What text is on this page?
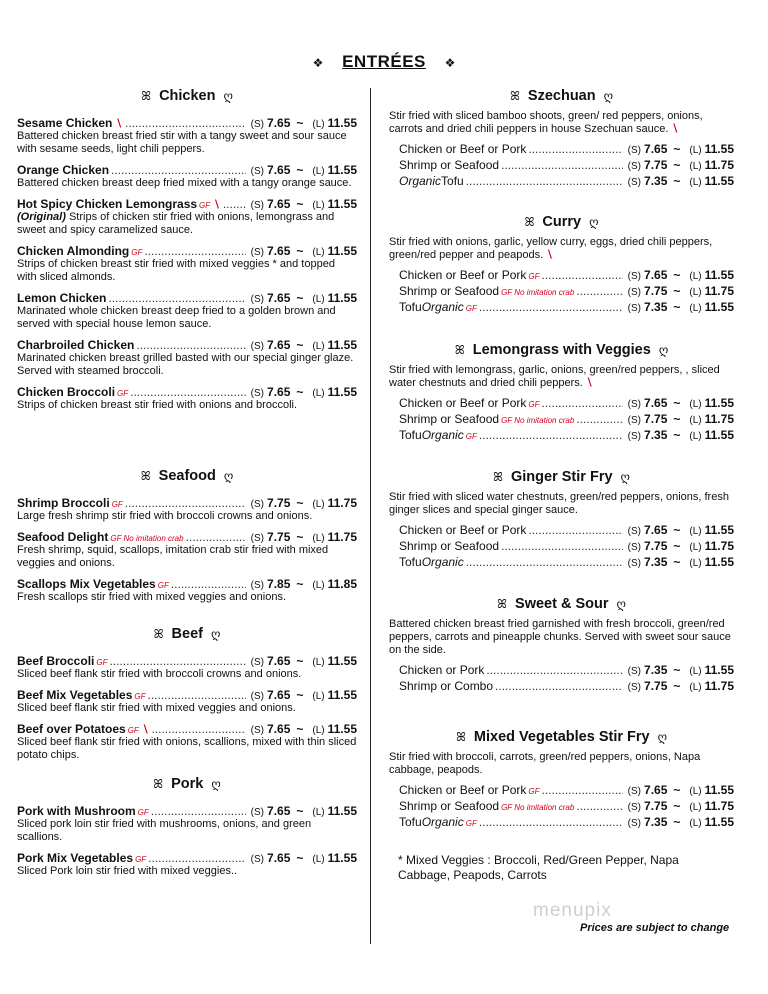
❖ ENTRÉES ❖
ꕤ Chicken ღ
Sesame Chicken ∖ .....	(S) 7.65 ~ (L) 11.55
Battered chicken breast fried stir with a tangy sweet and sour sauce with sesame seeds, light chili peppers.
Orange Chicken .....	(S) 7.65 ~ (L) 11.55
Battered chicken breast deep fried mixed with a tangy orange sauce.
Hot Spicy Chicken Lemongrass GF ∖ .....	(S) 7.65 ~ (L) 11.55
(Original) Strips of chicken stir fried with onions, lemongrass and sweet and spicy caramelized sauce.
Chicken Almonding GF .....	(S) 7.65 ~ (L) 11.55
Strips of chicken breast stir fried with mixed veggies * and topped with sliced almonds.
Lemon Chicken .....	(S) 7.65 ~ (L) 11.55
Marinated whole chicken breast deep fried to a golden brown and served with special house lemon sauce.
Charbroiled Chicken .....	(S) 7.65 ~ (L) 11.55
Marinated chicken breast grilled basted with our special ginger glaze. Served with steamed broccoli.
Chicken Broccoli GF .....	(S) 7.65 ~ (L) 11.55
Strips of chicken breast stir fried with onions and broccoli.
ꕤ Seafood ღ
Shrimp Broccoli GF .....	(S) 7.75 ~ (L) 11.75
Large fresh shrimp stir fried with broccoli crowns and onions.
Seafood Delight GF No imitation crab .....	(S) 7.75 ~ (L) 11.75
Fresh shrimp, squid, scallops, imitation crab stir fried with mixed veggies and onions.
Scallops Mix Vegetables GF .....	(S) 7.85 ~ (L) 11.85
Fresh scallops stir fried with mixed veggies and onions.
ꕤ Beef ღ
Beef Broccoli GF .....	(S) 7.65 ~ (L) 11.55
Sliced beef flank stir fried with broccoli crowns and onions.
Beef Mix Vegetables GF .....	(S) 7.65 ~ (L) 11.55
Sliced beef flank stir fried with mixed veggies and onions.
Beef over Potatoes GF ∖ .....	(S) 7.65 ~ (L) 11.55
Sliced beef flank stir fried with onions, scallions, mixed with thin sliced potato chips.
ꕤ Pork ღ
Pork with Mushroom GF .....	(S) 7.65 ~ (L) 11.55
Sliced pork loin stir fried with mushrooms, onions, and green scallions.
Pork Mix Vegetables GF .....	(S) 7.65 ~ (L) 11.55
Sliced Pork loin stir fried with mixed veggies..
ꕤ Szechuan ღ
Stir fried with sliced bamboo shoots, green/ red peppers, onions, carrots and dried chili peppers in house Szechuan sauce. ∖
Chicken or Beef or Pork .....	(S) 7.65 ~ (L) 11.55
Shrimp or Seafood .....	(S) 7.75 ~ (L) 11.75
Organic Tofu .....	(S) 7.35 ~ (L) 11.55
ꕤ Curry ღ
Stir fried with onions, garlic, yellow curry, eggs, dried chili peppers, green/red pepper and peapods. ∖
Chicken or Beef or Pork GF .....	(S) 7.65 ~ (L) 11.55
Shrimp or Seafood GF No imitation crab .....	(S) 7.75 ~ (L) 11.75
Tofu Organic GF .....	(S) 7.35 ~ (L) 11.55
ꕤ Lemongrass with Veggies ღ
Stir fried with lemongrass, garlic, onions, green/red peppers, , sliced water chestnuts and dried chili peppers. ∖
Chicken or Beef or Pork GF .....	(S) 7.65 ~ (L) 11.55
Shrimp or Seafood GF No imitation crab .....	(S) 7.75 ~ (L) 11.75
Tofu Organic GF .....	(S) 7.35 ~ (L) 11.55
ꕤ Ginger Stir Fry ღ
Stir fried with sliced water chestnuts, green/red peppers, onions, fresh ginger slices and special ginger sauce.
Chicken or Beef or Pork .....	(S) 7.65 ~ (L) 11.55
Shrimp or Seafood .....	(S) 7.75 ~ (L) 11.75
Tofu Organic .....	(S) 7.35 ~ (L) 11.55
ꕤ Sweet & Sour ღ
Battered chicken breast fried garnished with fresh broccoli, green/red peppers, carrots and pineapple chunks. Served with sweet sour sauce on the side.
Chicken or Pork .....	(S) 7.35 ~ (L) 11.55
Shrimp or Combo .....	(S) 7.75 ~ (L) 11.75
ꕤ Mixed Vegetables Stir Fry ღ
Stir fried with broccoli, carrots, green/red peppers, onions, Napa cabbage, peapods.
Chicken or Beef or Pork GF .....	(S) 7.65 ~ (L) 11.55
Shrimp or Seafood GF No imitation crab .....	(S) 7.75 ~ (L) 11.75
Tofu Organic GF .....	(S) 7.35 ~ (L) 11.55
* Mixed Veggies : Broccoli, Red/Green Pepper, Napa Cabbage, Peapods, Carrots
menupix
Prices are subject to change
